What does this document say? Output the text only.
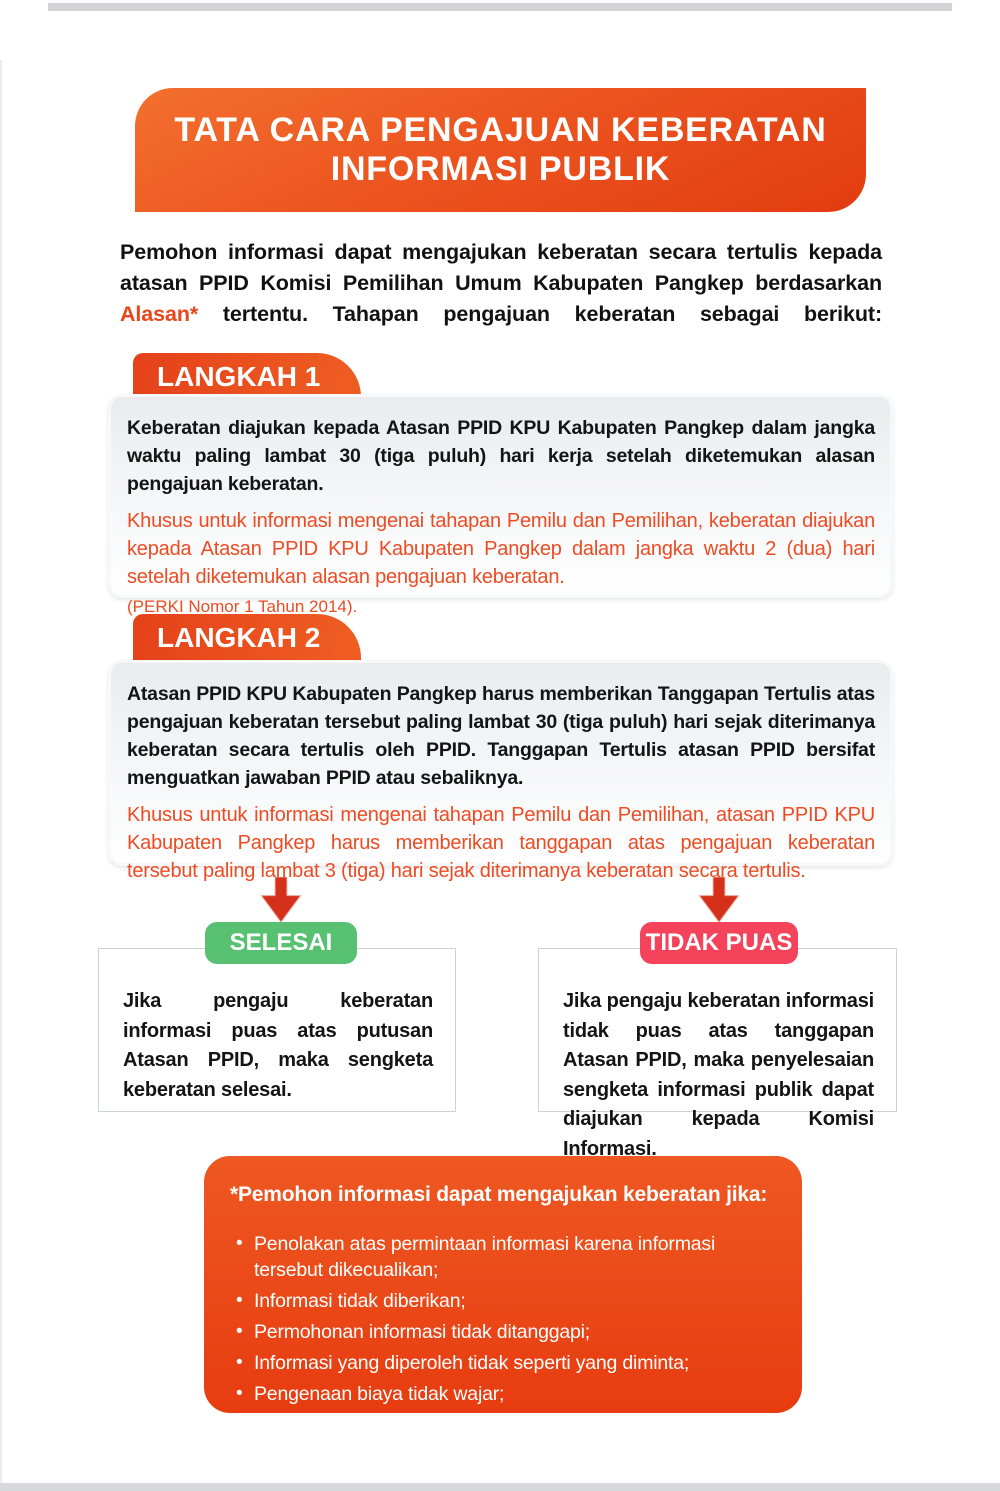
TATA CARA PENGAJUAN KEBERATAN
INFORMASI PUBLIK

Pemohon informasi dapat mengajukan keberatan secara tertulis kepada atasan PPID Komisi Pemilihan Umum Kabupaten Pangkep berdasarkan Alasan* tertentu. Tahapan pengajuan keberatan sebagai berikut:

LANGKAH 1

Keberatan diajukan kepada Atasan PPID KPU Kabupaten Pangkep dalam jangka waktu paling lambat 30 (tiga puluh) hari kerja setelah diketemukan alasan pengajuan keberatan.

Khusus untuk informasi mengenai tahapan Pemilu dan Pemilihan, keberatan diajukan kepada Atasan PPID KPU Kabupaten Pangkep dalam jangka waktu 2 (dua) hari setelah diketemukan alasan pengajuan keberatan.

(PERKI Nomor 1 Tahun 2014).

LANGKAH 2

Atasan PPID KPU Kabupaten Pangkep harus memberikan Tanggapan Tertulis atas pengajuan keberatan tersebut paling lambat 30 (tiga puluh) hari sejak diterimanya keberatan secara tertulis oleh PPID. Tanggapan Tertulis atasan PPID bersifat menguatkan jawaban PPID atau sebaliknya.

Khusus untuk informasi mengenai tahapan Pemilu dan Pemilihan, atasan PPID KPU Kabupaten Pangkep harus memberikan tanggapan atas pengajuan keberatan tersebut paling lambat 3 (tiga) hari sejak diterimanya keberatan secara tertulis.

SELESAI
Jika pengaju keberatan informasi puas atas putusan Atasan PPID, maka sengketa keberatan selesai.
TIDAK PUAS
Jika pengaju keberatan informasi tidak puas atas tanggapan Atasan PPID, maka penyelesaian sengketa informasi publik dapat diajukan kepada Komisi Informasi.
*Pemohon informasi dapat mengajukan keberatan jika:
• Penolakan atas permintaan informasi karena informasi tersebut dikecualikan;
• Informasi tidak diberikan;
• Permohonan informasi tidak ditanggapi;
• Informasi yang diperoleh tidak seperti yang diminta;
• Pengenaan biaya tidak wajar;
• Penyampaian informasi melebihi batas waktu yang ditentukan.
